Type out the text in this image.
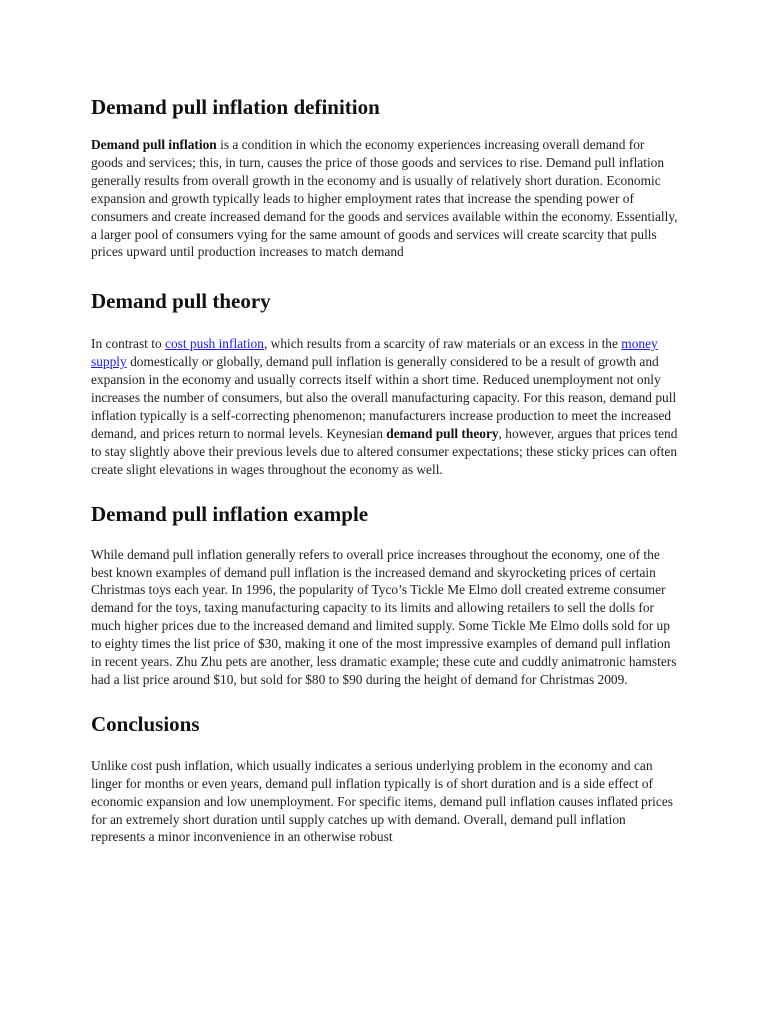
Demand pull inflation definition

Demand pull inflation is a condition in which the economy experiences increasing overall demand for goods and services; this, in turn, causes the price of those goods and services to rise. Demand pull inflation generally results from overall growth in the economy and is usually of relatively short duration. Economic expansion and growth typically leads to higher employment rates that increase the spending power of consumers and create increased demand for the goods and services available within the economy. Essentially, a larger pool of consumers vying for the same amount of goods and services will create scarcity that pulls prices upward until production increases to match demand

Demand pull theory

In contrast to cost push inflation, which results from a scarcity of raw materials or an excess in the money supply domestically or globally, demand pull inflation is generally considered to be a result of growth and expansion in the economy and usually corrects itself within a short time. Reduced unemployment not only increases the number of consumers, but also the overall manufacturing capacity. For this reason, demand pull inflation typically is a self-correcting phenomenon; manufacturers increase production to meet the increased demand, and prices return to normal levels. Keynesian demand pull theory, however, argues that prices tend to stay slightly above their previous levels due to altered consumer expectations; these sticky prices can often create slight elevations in wages throughout the economy as well.

Demand pull inflation example

While demand pull inflation generally refers to overall price increases throughout the economy, one of the best known examples of demand pull inflation is the increased demand and skyrocketing prices of certain Christmas toys each year. In 1996, the popularity of Tyco’s Tickle Me Elmo doll created extreme consumer demand for the toys, taxing manufacturing capacity to its limits and allowing retailers to sell the dolls for much higher prices due to the increased demand and limited supply. Some Tickle Me Elmo dolls sold for up to eighty times the list price of $30, making it one of the most impressive examples of demand pull inflation in recent years. Zhu Zhu pets are another, less dramatic example; these cute and cuddly animatronic hamsters had a list price around $10, but sold for $80 to $90 during the height of demand for Christmas 2009.

Conclusions

Unlike cost push inflation, which usually indicates a serious underlying problem in the economy and can linger for months or even years, demand pull inflation typically is of short duration and is a side effect of economic expansion and low unemployment. For specific items, demand pull inflation causes inflated prices for an extremely short duration until supply catches up with demand. Overall, demand pull inflation represents a minor inconvenience in an otherwise robust
